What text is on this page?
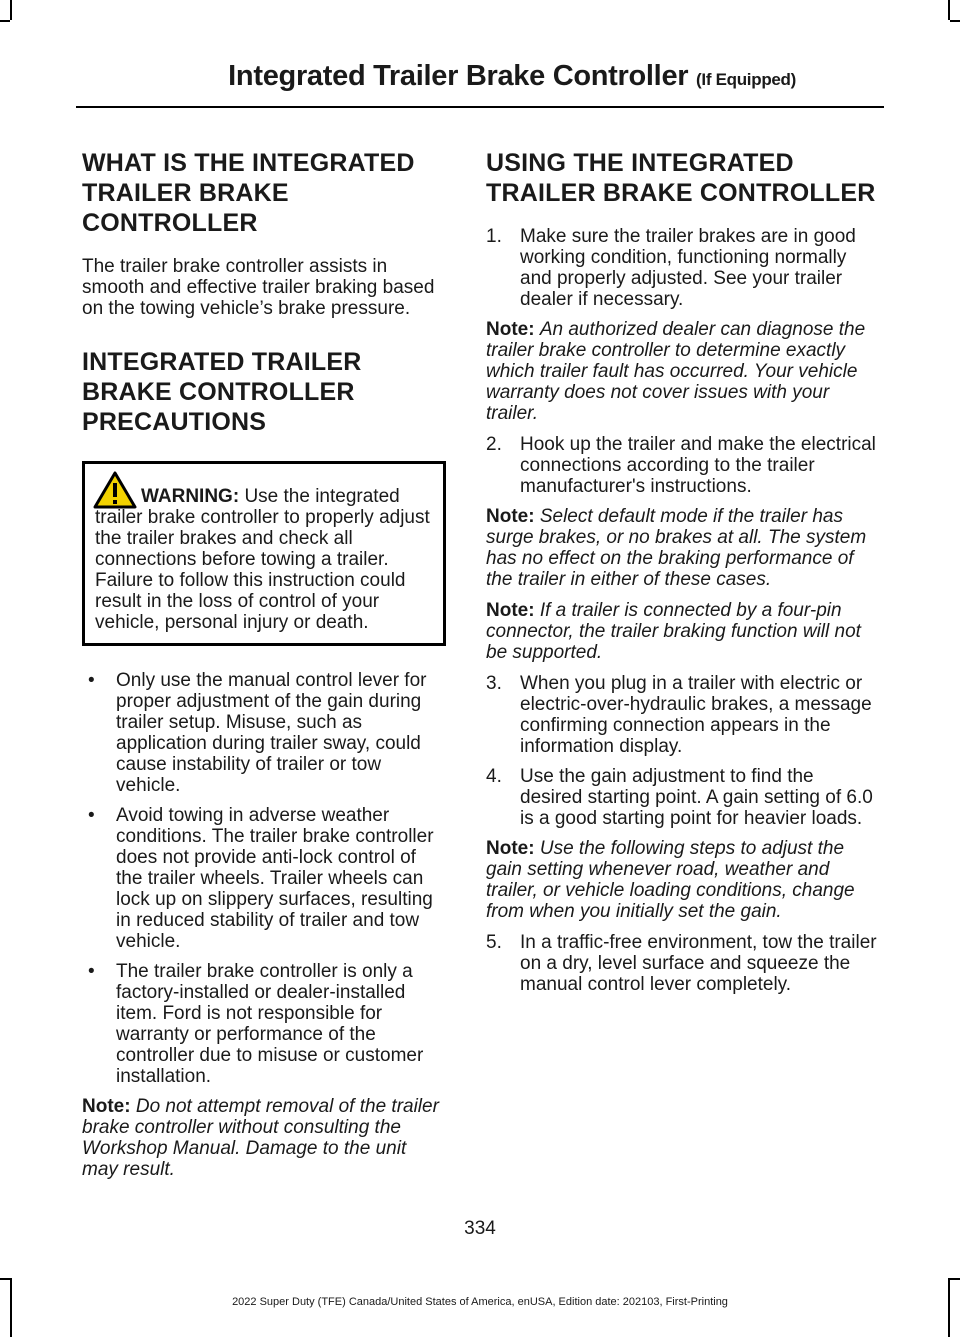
Integrated Trailer Brake Controller (If Equipped)
WHAT IS THE INTEGRATED TRAILER BRAKE CONTROLLER

The trailer brake controller assists in smooth and effective trailer braking based on the towing vehicle’s brake pressure.

INTEGRATED TRAILER BRAKE CONTROLLER PRECAUTIONS
WARNING: Use the integrated trailer brake controller to properly adjust the trailer brakes and check all connections before towing a trailer. Failure to follow this instruction could result in the loss of control of your vehicle, personal injury or death.
• Only use the manual control lever for proper adjustment of the gain during trailer setup. Misuse, such as application during trailer sway, could cause instability of trailer or tow vehicle.
• Avoid towing in adverse weather conditions. The trailer brake controller does not provide anti-lock control of the trailer wheels. Trailer wheels can lock up on slippery surfaces, resulting in reduced stability of trailer and tow vehicle.
• The trailer brake controller is only a factory-installed or dealer-installed item. Ford is not responsible for warranty or performance of the controller due to misuse or customer installation.

Note: Do not attempt removal of the trailer brake controller without consulting the Workshop Manual. Damage to the unit may result.

USING THE INTEGRATED TRAILER BRAKE CONTROLLER
1. Make sure the trailer brakes are in good working condition, functioning normally and properly adjusted. See your trailer dealer if necessary.

Note: An authorized dealer can diagnose the trailer brake controller to determine exactly which trailer fault has occurred. Your vehicle warranty does not cover issues with your trailer.

2. Hook up the trailer and make the electrical connections according to the trailer manufacturer's instructions.

Note: Select default mode if the trailer has surge brakes, or no brakes at all. The system has no effect on the braking performance of the trailer in either of these cases.

Note: If a trailer is connected by a four-pin connector, the trailer braking function will not be supported.

3. When you plug in a trailer with electric or electric-over-hydraulic brakes, a message confirming connection appears in the information display.
4. Use the gain adjustment to find the desired starting point. A gain setting of 6.0 is a good starting point for heavier loads.

Note: Use the following steps to adjust the gain setting whenever road, weather and trailer, or vehicle loading conditions, change from when you initially set the gain.

5. In a traffic-free environment, tow the trailer on a dry, level surface and squeeze the manual control lever completely.
334
2022 Super Duty (TFE) Canada/United States of America, enUSA, Edition date: 202103, First-Printing
